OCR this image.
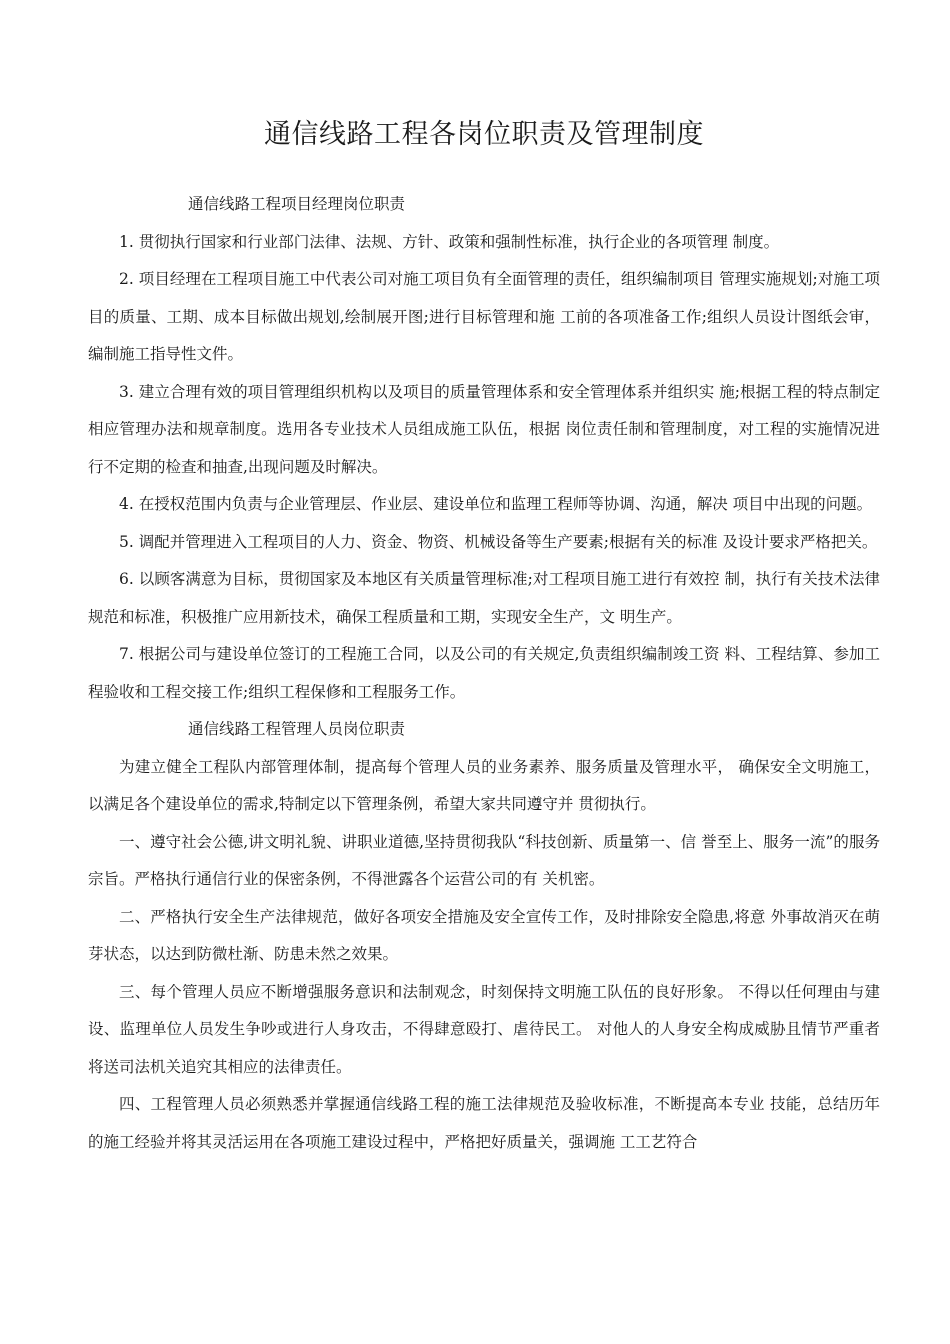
通信线路工程各岗位职责及管理制度

通信线路工程项目经理岗位职责

1. 贯彻执行国家和行业部门法律、法规、方针、政策和强制性标准，执行企业的各项管理 制度。

2. 项目经理在工程项目施工中代表公司对施工项目负有全面管理的责任，组织编制项目 管理实施规划;对施工项目的质量、工期、成本目标做出规划,绘制展开图;进行目标管理和施 工前的各项准备工作;组织人员设计图纸会审，编制施工指导性文件。

3. 建立合理有效的项目管理组织机构以及项目的质量管理体系和安全管理体系并组织实 施;根据工程的特点制定相应管理办法和规章制度。选用各专业技术人员组成施工队伍，根据 岗位责任制和管理制度，对工程的实施情况进行不定期的检查和抽查,出现问题及时解决。

4. 在授权范围内负责与企业管理层、作业层、建设单位和监理工程师等协调、沟通，解决 项目中出现的问题。

5. 调配并管理进入工程项目的人力、资金、物资、机械设备等生产要素;根据有关的标准 及设计要求严格把关。

6. 以顾客满意为目标，贯彻国家及本地区有关质量管理标准;对工程项目施工进行有效控 制，执行有关技术法律规范和标准，积极推广应用新技术，确保工程质量和工期，实现安全生产，文 明生产。

7. 根据公司与建设单位签订的工程施工合同，以及公司的有关规定,负责组织编制竣工资 料、工程结算、参加工程验收和工程交接工作;组织工程保修和工程服务工作。

通信线路工程管理人员岗位职责

为建立健全工程队内部管理体制，提高每个管理人员的业务素养、服务质量及管理水平， 确保安全文明施工，以满足各个建设单位的需求,特制定以下管理条例，希望大家共同遵守并 贯彻执行。

一、遵守社会公德,讲文明礼貌、讲职业道德,坚持贯彻我队“科技创新、质量第一、信 誉至上、服务一流”的服务宗旨。严格执行通信行业的保密条例，不得泄露各个运营公司的有 关机密。

二、严格执行安全生产法律规范，做好各项安全措施及安全宣传工作，及时排除安全隐患,将意 外事故消灭在萌芽状态，以达到防微杜渐、防患未然之效果。

三、每个管理人员应不断增强服务意识和法制观念，时刻保持文明施工队伍的良好形象。 不得以任何理由与建设、监理单位人员发生争吵或进行人身攻击，不得肆意殴打、虐待民工。 对他人的人身安全构成威胁且情节严重者将送司法机关追究其相应的法律责任。

四、工程管理人员必须熟悉并掌握通信线路工程的施工法律规范及验收标准，不断提高本专业 技能，总结历年的施工经验并将其灵活运用在各项施工建设过程中，严格把好质量关，强调施 工工艺符合
